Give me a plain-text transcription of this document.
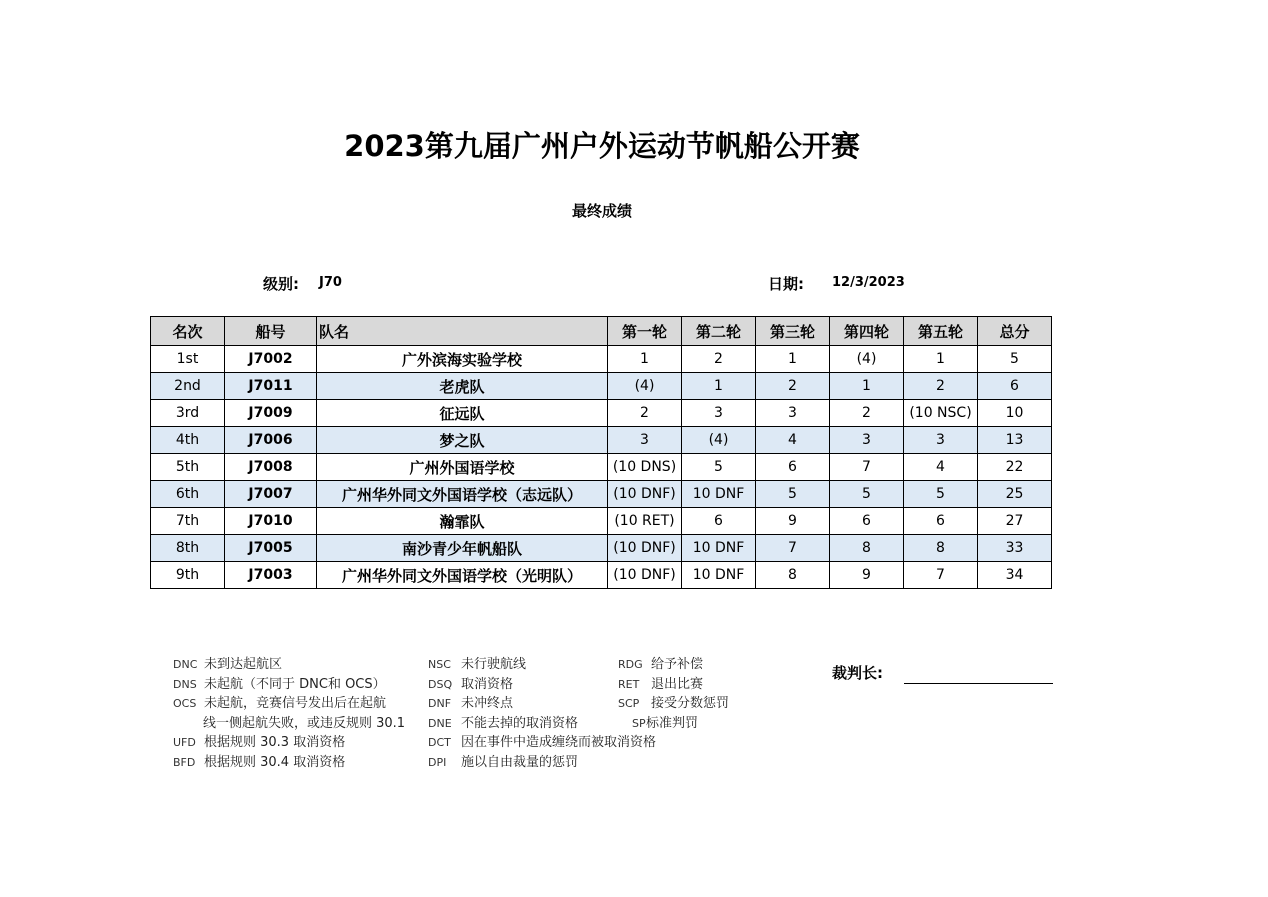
2023第九届广州户外运动节帆船公开赛
最终成绩
级别: J70	日期: 12/3/2023
名次	船号	队名	第一轮	第二轮	第三轮	第四轮	第五轮	总分
1st	J7002	广外滨海实验学校	1	2	1	(4)	1	5
2nd	J7011	老虎队	(4)	1	2	1	2	6
3rd	J7009	征远队	2	3	3	2	(10 NSC)	10
4th	J7006	梦之队	3	(4)	4	3	3	13
5th	J7008	广州外国语学校	(10 DNS)	5	6	7	4	22
6th	J7007	广州华外同文外国语学校（志远队）	(10 DNF)	10 DNF	5	5	5	25
7th	J7010	瀚霏队	(10 RET)	6	9	6	6	27
8th	J7005	南沙青少年帆船队	(10 DNF)	10 DNF	7	8	8	33
9th	J7003	广州华外同文外国语学校（光明队）	(10 DNF)	10 DNF	8	9	7	34
DNC 未到达起航区
DNS 未起航（不同于 DNC和 OCS）
OCS 未起航，竞赛信号发出后在起航
线一侧起航失败，或违反规则 30.1
UFD 根据规则 30.3 取消资格
BFD 根据规则 30.4 取消资格
NSC 未行驶航线
DSQ 取消资格
DNF 未冲终点
DNE 不能去掉的取消资格
DCT 因在事件中造成缠绕而被取消资格
DPI 施以自由裁量的惩罚
RDG 给予补偿
RET 退出比赛
SCP 接受分数惩罚
SP标准判罚
裁判长:
